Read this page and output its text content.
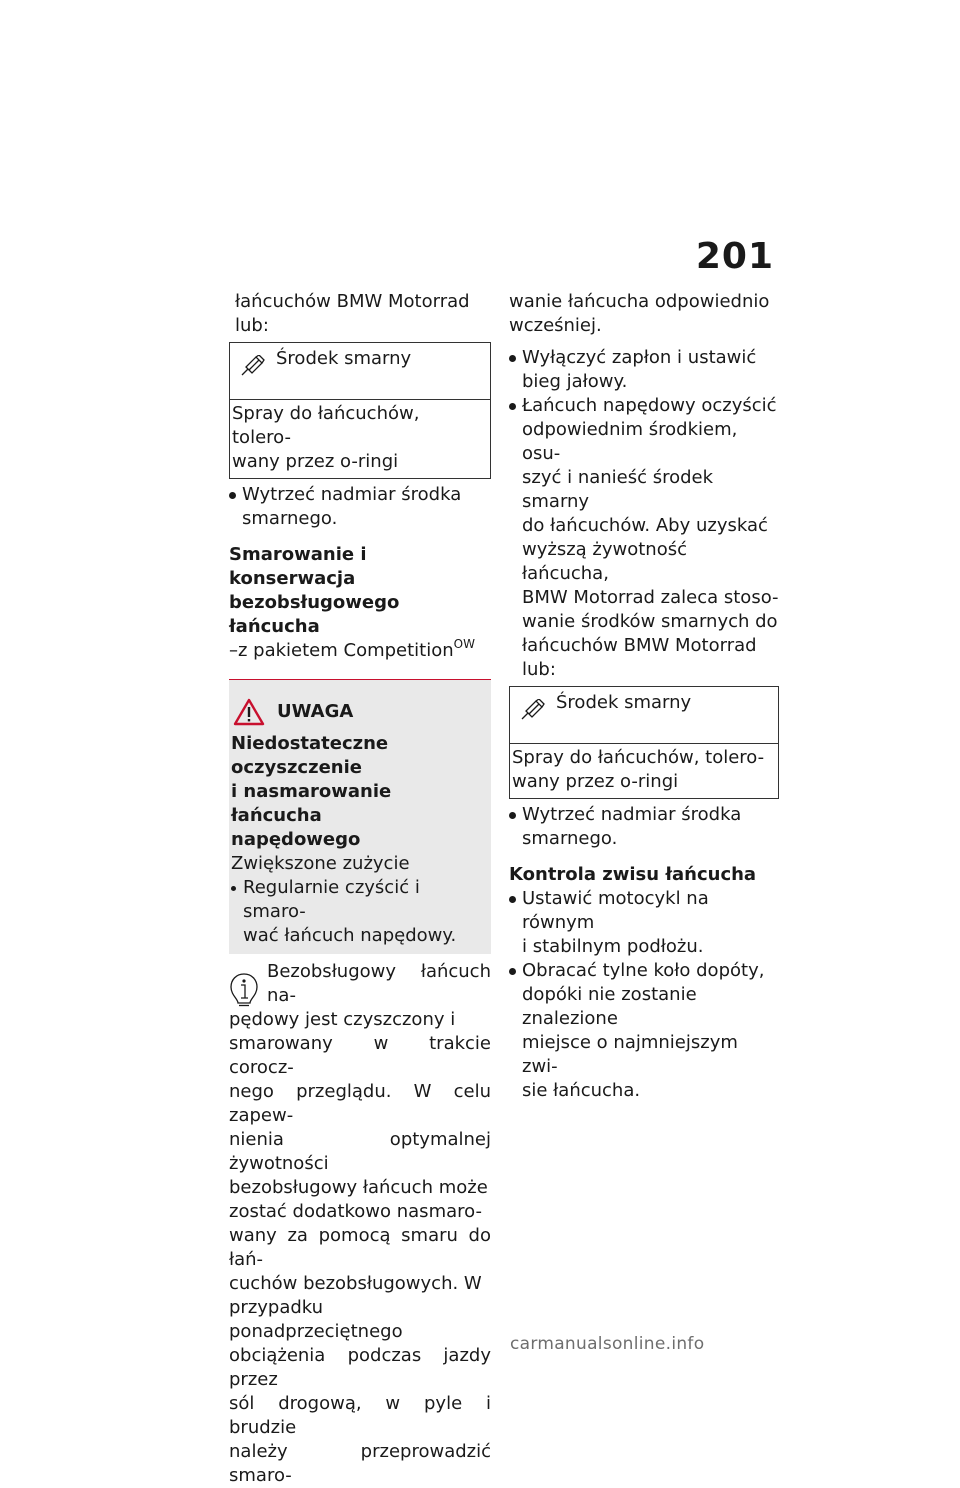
201

łańcuchów BMW Motorrad

lub:

Środek smarny

Spray do łańcuchów, tolero-

wany przez o-ringi

Wytrzeć nadmiar środka

smarnego.

Smarowanie i konserwacja

bezobsługowego łańcucha

–z pakietem Competition$^{OW}$

UWAGA

Niedostateczne oczyszczenie

i nasmarowanie łańcucha

napędowego

Zwiększone zużycie

Regularnie czyścić i smaro-

wać łańcuch napędowy.

Bezobsługowy łańcuch na-

pędowy jest czyszczony i

smarowany w trakcie corocz-

nego przeglądu. W celu zapew-

nienia optymalnej żywotności

bezobsługowy łańcuch może

zostać dodatkowo nasmaro-

wany za pomocą smaru do łań-

cuchów bezobsługowych. W

przypadku ponadprzeciętnego

obciążenia podczas jazdy przez

sól drogową, w pyle i brudzie

należy przeprowadzić smaro-

wanie łańcucha odpowiednio

wcześniej.

Wyłączyć zapłon i ustawić

bieg jałowy.

Łańcuch napędowy oczyścić

odpowiednim środkiem, osu-

szyć i nanieść środek smarny

do łańcuchów. Aby uzyskać

wyższą żywotność łańcucha,

BMW Motorrad zaleca stoso-

wanie środków smarnych do

łańcuchów BMW Motorrad

lub:

Środek smarny

Spray do łańcuchów, tolero-

wany przez o-ringi

Wytrzeć nadmiar środka

smarnego.

Kontrola zwisu łańcucha

Ustawić motocykl na równym

i stabilnym podłożu.

Obracać tylne koło dopóty,

dopóki nie zostanie znalezione

miejsce o najmniejszym zwi-

sie łańcucha.

carmanualsonline.info
